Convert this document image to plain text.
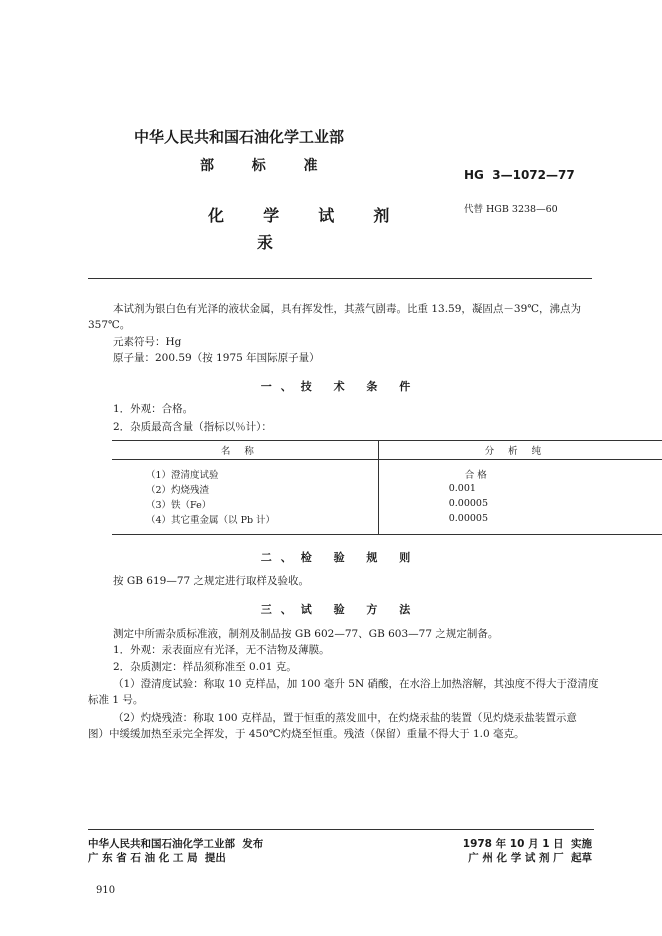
中华人民共和国石油化学工业部
部  标  准
化  学  试  剂
汞
HG  3—1072—77
代替 HGB 3238—60
本试剂为银白色有光泽的液状金属，具有挥发性，其蒸气剧毒。比重 13.59，凝固点－39℃，沸点为
357℃。
元素符号：Hg
原子量：200.59（按 1975 年国际原子量）
一、技 术 条 件
1．外观：合格。
2．杂质最高含量（指标以％计）：
名称	分析纯
（1）澄清度试验	合 格
（2）灼烧残渣	0.001
（3）铁（Fe）	0.00005
（4）其它重金属（以 Pb 计）	0.00005
二、检 验 规 则
按 GB 619—77 之规定进行取样及验收。
三、试 验 方 法
测定中所需杂质标准液，制剂及制品按 GB 602—77、GB 603—77 之规定制备。
1．外观：汞表面应有光泽，无不洁物及薄膜。
2．杂质测定：样品须称准至 0.01 克。
（1）澄清度试验：称取 10 克样品，加 100 毫升 5N 硝酸，在水浴上加热溶解，其浊度不得大于澄清度
标准 1 号。
（2）灼烧残渣：称取 100 克样品，置于恒重的蒸发皿中，在灼烧汞盐的装置（见灼烧汞盐装置示意
图）中缓缓加热至汞完全挥发，于 450℃灼烧至恒重。残渣（保留）重量不得大于 1.0 毫克。
中华人民共和国石油化学工业部  发布
广 东 省 石 油 化 工 局  提出
1978 年 10 月 1 日  实施
广 州 化 学 试 剂 厂  起草
910
